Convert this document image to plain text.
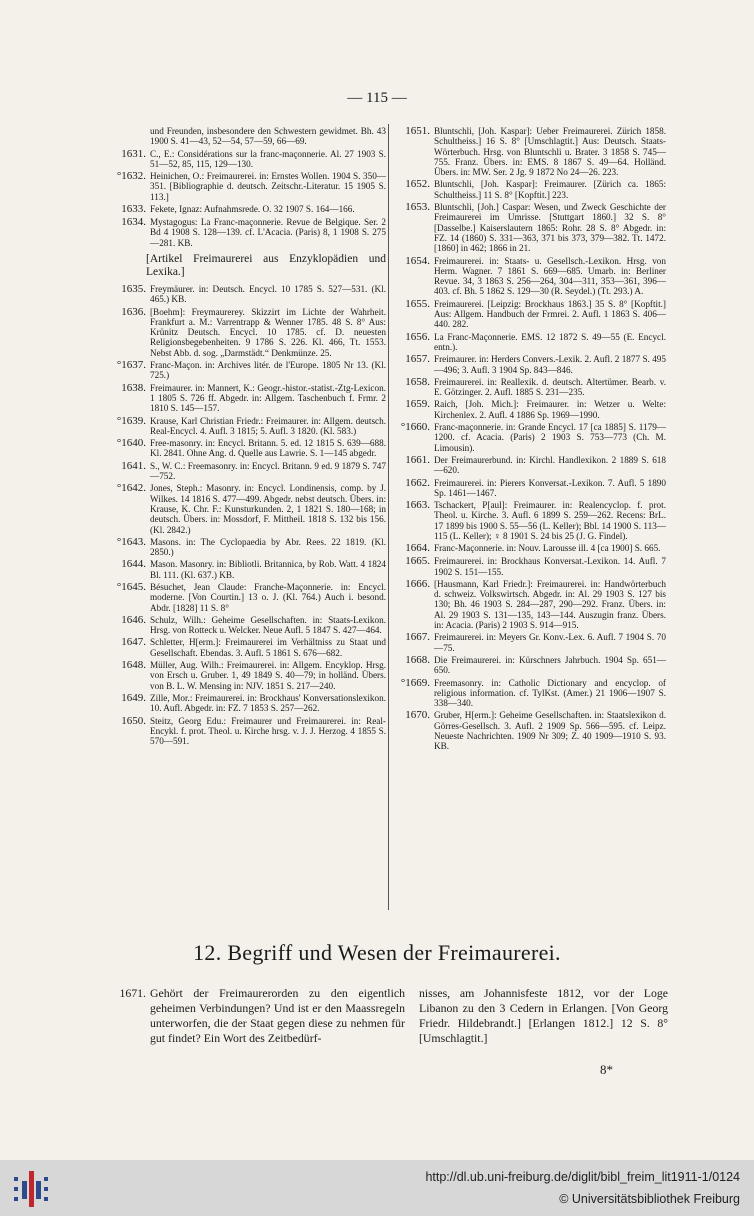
— 115 —
und Freunden, insbesondere den Schwestern gewidmet. Bh. 43 1900 S. 41—43, 52—54, 57—59, 66—69.
1631. C., E.: Considérations sur la franc-maçonnerie. Al. 27 1903 S. 51—52, 85, 115, 129—130.
°1632. Heinichen, O.: Freimaurerei. in: Ernstes Wollen. 1904 S. 350—351. [Bibliographie d. deutsch. Zeitschr.-Literatur. 15 1905 S. 113.]
1633. Fekete, Ignaz: Aufnahmsrede. O. 32 1907 S. 164—166.
1634. Mystagogus: La Franc-maçonnerie. Revue de Belgique. Ser. 2 Bd 4 1908 S. 128—139. cf. L'Acacia. (Paris) 8, 1 1908 S. 275—281. KB.
[Artikel Freimaurerei aus Enzyklopädien und Lexika.]
1635. Freymäurer. in: Deutsch. Encycl. 10 1785 S. 527—531. (Kl. 465.) KB.
1636. [Boehm]: Freymaurerey. Skizzirt im Lichte der Wahrheit. Frankfurt a. M.: Varrentrapp & Wenner 1785. 48 S. 8° Aus: Krünitz Deutsch. Encycl. 10 1785. cf. D. neuesten Religionsbegebenheiten. 9 1786 S. 226. Kl. 466, Tt. 1553. Nebst Abb. d. sog. „Darmstädt.“ Denkmünze. 25.
°1637. Franc-Maçon. in: Archives litér. de l'Europe. 1805 Nr 13. (Kl. 725.)
1638. Freimaurer. in: Mannert, K.: Geogr.-histor.-statist.-Ztg-Lexicon. 1 1805 S. 726 ff. Abgedr. in: Allgem. Taschenbuch f. Frmr. 2 1810 S. 145—157.
°1639. Krause, Karl Christian Friedr.: Freimaurer. in: Allgem. deutsch. Real-Encycl. 4. Aufl. 3 1815; 5. Aufl. 3 1820. (Kl. 583.)
°1640. Free-masonry. in: Encycl. Britann. 5. ed. 12 1815 S. 639—688. Kl. 2841. Ohne Ang. d. Quelle aus Lawrie. S. 1—145 abgedr.
1641. S., W. C.: Freemasonry. in: Encycl. Britann. 9 ed. 9 1879 S. 747—752.
°1642. Jones, Steph.: Masonry. in: Encycl. Londinensis, comp. by J. Wilkes. 14 1816 S. 477—499. Abgedr. nebst deutsch. Übers. in: Krause, K. Chr. F.: Kunsturkunden. 2, 1 1821 S. 180—168; in deutsch. Übers. in: Mossdorf, F. Mittheil. 1818 S. 132 bis 156. (Kl. 2842.)
°1643. Masons. in: The Cyclopaedia by Abr. Rees. 22 1819. (Kl. 2850.)
1644. Mason. Masonry. in: Bibliotli. Britannica, by Rob. Watt. 4 1824 Bl. 111. (Kl. 637.) KB.
°1645. Bésuchet, Jean Claude: Franche-Maçonnerie. in: Encycl. moderne. [Von Courtin.] 13 o. J. (Kl. 764.) Auch i. besond. Abdr. [1828] 11 S. 8°
1646. Schulz, Wilh.: Geheime Gesellschaften. in: Staats-Lexikon. Hrsg. von Rotteck u. Welcker. Neue Aufl. 5 1847 S. 427—464.
1647. Schletter, H[erm.]: Freimaurerei im Verhältniss zu Staat und Gesellschaft. Ebendas. 3. Aufl. 5 1861 S. 676—682.
1648. Müller, Aug. Wilh.: Freimaurerei. in: Allgem. Encyklop. Hrsg. von Ersch u. Gruber. 1, 49 1849 S. 40—79; in holländ. Übers. von B. L. W. Mensing in: NJV. 1851 S. 217—240.
1649. Zille, Mor.: Freimaurerei. in: Brockhaus' Konversationslexikon. 10. Aufl. Abgedr. in: FZ. 7 1853 S. 257—262.
1650. Steitz, Georg Edu.: Freimaurer und Freimaurerei. in: Real-Encykl. f. prot. Theol. u. Kirche hrsg. v. J. J. Herzog. 4 1855 S. 570—591.
1651. Bluntschli, [Joh. Kaspar]: Ueber Freimaurerei. Zürich 1858. Schultheiss.] 16 S. 8° [Umschlagtit.] Aus: Deutsch. Staats-Wörterbuch. Hrsg. von Bluntschli u. Brater. 3 1858 S. 745—755. Franz. Übers. in: EMS. 8 1867 S. 49—64. Holländ. Übers. in: MW. Ser. 2 Jg. 9 1872 No 24—26. 223.
1652. Bluntschli, [Joh. Kaspar]: Freimaurer. [Zürich ca. 1865: Schultheiss.] 11 S. 8° [Kopftit.] 223.
1653. Bluntschli, [Joh.] Caspar: Wesen, und Zweck Geschichte der Freimaurerei im Umrisse. [Stuttgart 1860.] 32 S. 8° [Dasselbe.] Kaiserslautern 1865: Rohr. 28 S. 8° Abgedr. in: FZ. 14 (1860) S. 331—363, 371 bis 373, 379—382. Tt. 1472. [1860] in 462; 1866 in 21.
1654. Freimaurerei. in: Staats- u. Gesellsch.-Lexikon. Hrsg. von Herm. Wagner. 7 1861 S. 669—685. Umarb. in: Berliner Revue. 34, 3 1863 S. 256—264, 304—311, 353—361, 396—403. cf. Bh. 5 1862 S. 129—30 (R. Seydel.) (Tt. 293.) A.
1655. Freimaurerei. [Leipzig: Brockhaus 1863.] 35 S. 8° [Kopftit.] Aus: Allgem. Handbuch der Frmrei. 2. Aufl. 1 1863 S. 406—440. 282.
1656. La Franc-Maçonnerie. EMS. 12 1872 S. 49—55 (E. Encycl. entn.).
1657. Freimaurer. in: Herders Convers.-Lexik. 2. Aufl. 2 1877 S. 495—496; 3. Aufl. 3 1904 Sp. 843—846.
1658. Freimaurerei. in: Reallexik. d. deutsch. Altertümer. Bearb. v. E. Götzinger. 2. Aufl. 1885 S. 231—235.
1659. Raich, [Joh. Mich.]: Freimaurer. in: Wetzer u. Welte: Kirchenlex. 2. Aufl. 4 1886 Sp. 1969—1990.
°1660. Franc-maçonnerie. in: Grande Encycl. 17 [ca 1885] S. 1179—1200. cf. Acacia. (Paris) 2 1903 S. 753—773 (Ch. M. Limousin).
1661. Der Freimaurerbund. in: Kirchl. Handlexikon. 2 1889 S. 618—620.
1662. Freimaurerei. in: Pierers Konversat.-Lexikon. 7. Aufl. 5 1890 Sp. 1461—1467.
1663. Tschackert, P[aul]: Freimaurer. in: Realencyclop. f. prot. Theol. u. Kirche. 3. Aufl. 6 1899 S. 259—262. Recens: BrL. 17 1899 bis 1900 S. 55—56 (L. Keller); Bbl. 14 1900 S. 113—115 (L. Keller); ♀ 8 1901 S. 24 bis 25 (J. G. Findel).
1664. Franc-Maçonnerie. in: Nouv. Larousse ill. 4 [ca 1900] S. 665.
1665. Freimaurerei. in: Brockhaus Konversat.-Lexikon. 14. Aufl. 7 1902 S. 151—155.
1666. [Hausmann, Karl Friedr.]: Freimaurerei. in: Handwörterbuch d. schweiz. Volkswirtsch. Abgedr. in: Al. 29 1903 S. 127 bis 130; Bh. 46 1903 S. 284—287, 290—292. Franz. Übers. in: Al. 29 1903 S. 131—135, 143—144. Auszugin franz. Übers. in: Acacia. (Paris) 2 1903 S. 914—915.
1667. Freimaurerei. in: Meyers Gr. Konv.-Lex. 6. Aufl. 7 1904 S. 70—75.
1668. Die Freimaurerei. in: Kürschners Jahrbuch. 1904 Sp. 651—650.
°1669. Freemasonry. in: Catholic Dictionary and encyclop. of religious information. cf. TylKst. (Amer.) 21 1906—1907 S. 338—340.
1670. Gruber, H[erm.]: Geheime Gesellschaften. in: Staatslexikon d. Görres-Gesellsch. 3. Aufl. 2 1909 Sp. 566—595. cf. Leipz. Neueste Nachrichten. 1909 Nr 309; Z. 40 1909—1910 S. 93. KB.
12. Begriff und Wesen der Freimaurerei.
1671. Gehört der Freimaurerorden zu den eigentlich geheimen Verbindungen? Und ist er den Maassregeln unterworfen, die der Staat gegen diese zu nehmen für gut findet? Ein Wort des Zeitbedürf-
nisses, am Johannisfeste 1812, vor der Loge Libanon zu den 3 Cedern in Erlangen. [Von Georg Friedr. Hildebrandt.] [Erlangen 1812.] 12 S. 8° [Umschlagtit.]
8*
http://dl.ub.uni-freiburg.de/diglit/bibl_freim_lit1911-1/0124
© Universitätsbibliothek Freiburg
